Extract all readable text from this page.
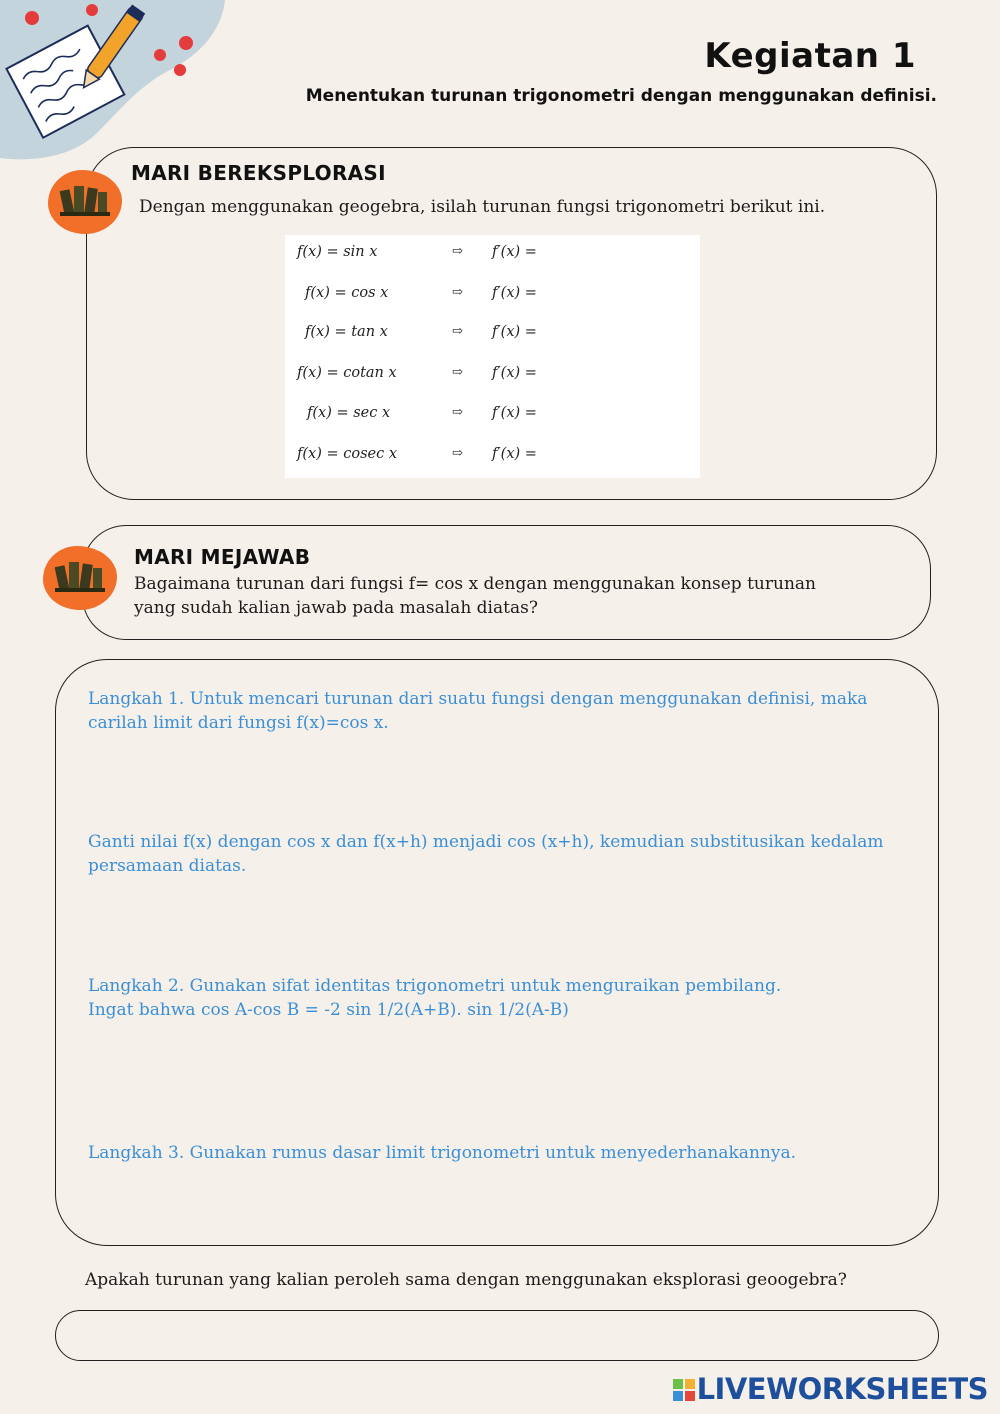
Kegiatan 1
Menentukan turunan trigonometri dengan menggunakan definisi.
MARI BEREKSPLORASI
Dengan menggunakan geogebra, isilah turunan fungsi trigonometri berikut ini.
f(x) = sin x	⇨ f′(x) =
f(x) = cos x	⇨ f′(x) =
f(x) = tan x	⇨ f′(x) =
f(x) = cotan x	⇨ f′(x) =
f(x) = sec x	⇨ f′(x) =
f(x) = cosec x	⇨ f′(x) =
MARI MEJAWAB
Bagaimana turunan dari fungsi f= cos x dengan menggunakan konsep turunan
yang sudah kalian jawab pada masalah diatas?
Langkah 1. Untuk mencari turunan dari suatu fungsi dengan menggunakan definisi, maka
carilah limit dari fungsi f(x)=cos x.
Ganti nilai f(x) dengan cos x dan f(x+h) menjadi cos (x+h), kemudian substitusikan kedalam
persamaan diatas.
Langkah 2. Gunakan sifat identitas trigonometri untuk menguraikan pembilang.
Ingat bahwa cos A-cos B = -2 sin 1/2(A+B). sin 1/2(A-B)
Langkah 3. Gunakan rumus dasar limit trigonometri untuk menyederhanakannya.
Apakah turunan yang kalian peroleh sama dengan menggunakan eksplorasi geoogebra?
LIVEWORKSHEETS
